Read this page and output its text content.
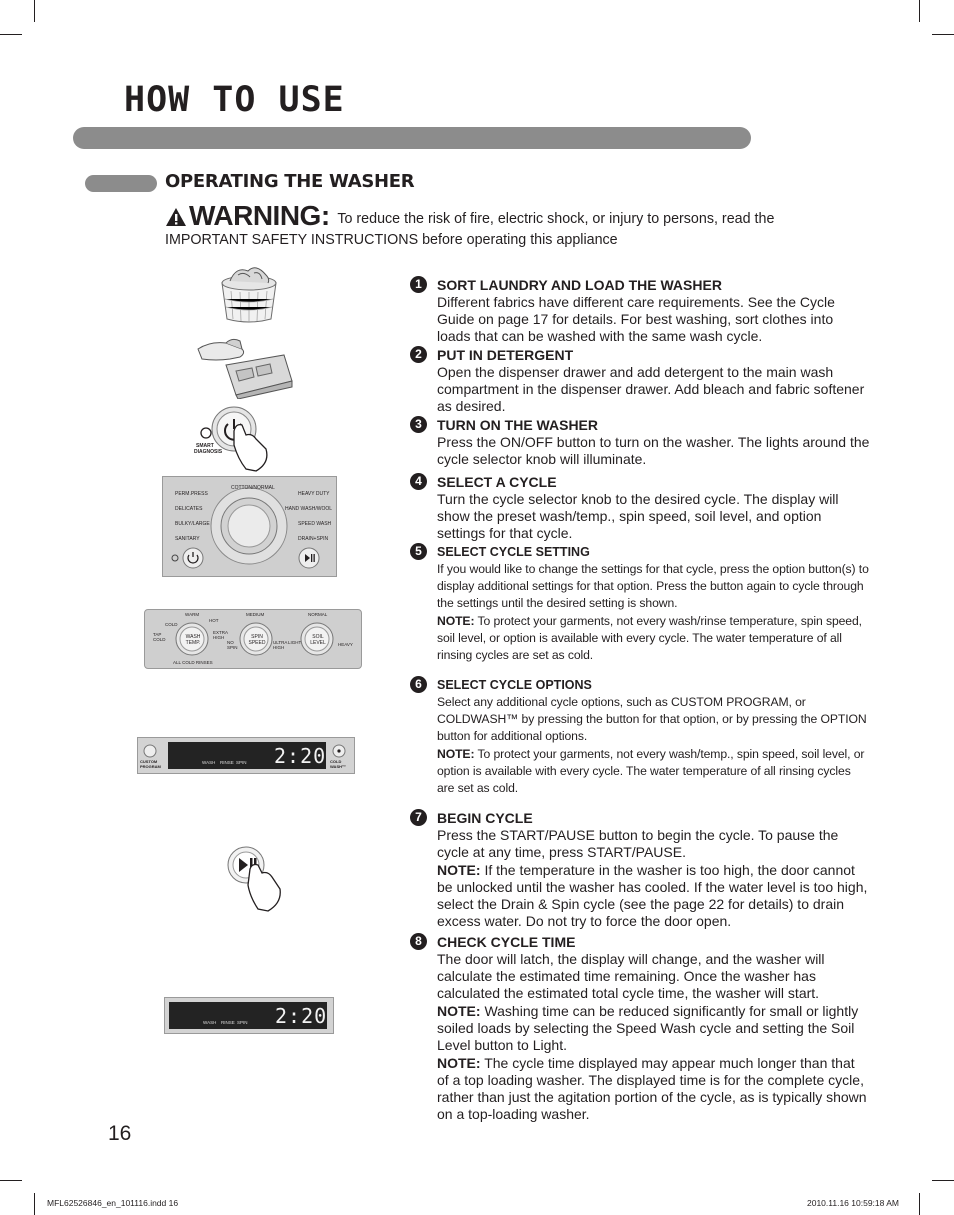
HOW TO USE
OPERATING THE WASHER
WARNING: To reduce the risk of fire, electric shock, or injury to persons, read the IMPORTANT SAFETY INSTRUCTIONS before operating this appliance
SMART
DIAGNOSIS
PERM.PRESS
DELICATES
BULKY/LARGE
SANITARY
COTTON/NORMAL
HEAVY DUTY
HAND WASH/WOOL
SPEED WASH
DRAIN+SPIN
WARM
HOT
MEDIUM	NORMAL
COLD
TAP COLD	WASH TEMP.
EXTRA HIGH
NO SPIN
SPIN SPEED	ULTRA HIGH
LIGHT
SOIL LEVEL	HEAVY
ALL COLD RINSES
CUSTOM PROGRAM
COLD WASH™
WASH RINSE SPIN 2:20
WASH RINSE SPIN 2:20
1	SORT LAUNDRY AND LOAD THE WASHER

Different fabrics have different care requirements. See the Cycle Guide on page 17 for details. For best washing, sort clothes into loads that can be washed with the same wash cycle.

2	PUT IN DETERGENT

Open the dispenser drawer and add detergent to the main wash compartment in the dispenser drawer. Add bleach and fabric softener as desired.

3	TURN ON THE WASHER

Press the ON/OFF button to turn on the washer. The lights around the cycle selector knob will illuminate.

4	SELECT A CYCLE

Turn the cycle selector knob to the desired cycle. The display will show the preset wash/temp., spin speed, soil level, and option settings for that cycle.

5	SELECT CYCLE SETTING

If you would like to change the settings for that cycle, press the option button(s) to display additional settings for that option. Press the button again to cycle through the settings until the desired setting is shown.

NOTE: To protect your garments, not every wash/rinse temperature, spin speed, soil level, or option is available with every cycle. The water temperature of all rinsing cycles are set as cold.

6	SELECT CYCLE OPTIONS

Select any additional cycle options, such as CUSTOM PROGRAM, or COLDWASH™ by pressing the button for that option, or by pressing the OPTION button for additional options.

NOTE: To protect your garments, not every wash/temp., spin speed, soil level, or option is available with every cycle. The water temperature of all rinsing cycles are set as cold.

7	BEGIN CYCLE

Press the START/PAUSE button to begin the cycle. To pause the cycle at any time, press START/PAUSE.

NOTE: If the temperature in the washer is too high, the door cannot be unlocked until the washer has cooled. If the water level is too high, select the Drain & Spin cycle (see the page 22 for details) to drain excess water. Do not try to force the door open.

8	CHECK CYCLE TIME

The door will latch, the display will change, and the washer will calculate the estimated time remaining. Once the washer has calculated the estimated total cycle time, the washer will start.

NOTE: Washing time can be reduced significantly for small or lightly soiled loads by selecting the Speed Wash cycle and setting the Soil Level button to Light.

NOTE: The cycle time displayed may appear much longer than that of a top loading washer. The displayed time is for the complete cycle, rather than just the agitation portion of the cycle, as is typically shown on a top-loading washer.

16

MFL62526846_en_101116.indd 16	2010.11.16 10:59:18 AM
